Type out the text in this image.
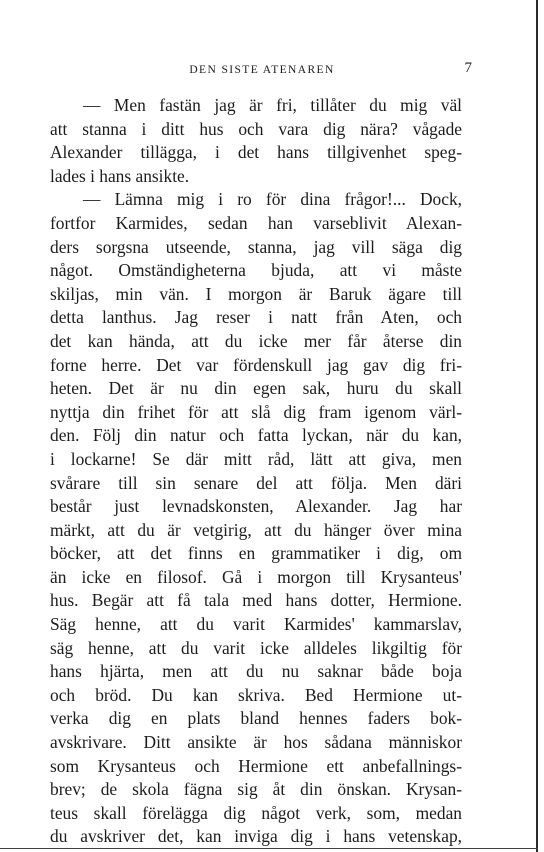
DEN SISTE ATENAREN	7
— Men fastän jag är fri, tillåter du mig väl
att stanna i ditt hus och vara dig nära? vågade
Alexander tillägga, i det hans tillgivenhet speg-
lades i hans ansikte.
— Lämna mig i ro för dina frågor!... Dock,
fortfor Karmides, sedan han varseblivit Alexan-
ders sorgsna utseende, stanna, jag vill säga dig
något. Omständigheterna bjuda, att vi måste
skiljas, min vän. I morgon är Baruk ägare till
detta lanthus. Jag reser i natt från Aten, och
det kan hända, att du icke mer får återse din
forne herre. Det var fördenskull jag gav dig fri-
heten. Det är nu din egen sak, huru du skall
nyttja din frihet för att slå dig fram igenom värl-
den. Följ din natur och fatta lyckan, när du kan,
i lockarne! Se där mitt råd, lätt att giva, men
svårare till sin senare del att följa. Men däri
består just levnadskonsten, Alexander. Jag har
märkt, att du är vetgirig, att du hänger över mina
böcker, att det finns en grammatiker i dig, om
än icke en filosof. Gå i morgon till Krysanteus'
hus. Begär att få tala med hans dotter, Hermione.
Säg henne, att du varit Karmides' kammarslav,
säg henne, att du varit icke alldeles likgiltig för
hans hjärta, men att du nu saknar både boja
och bröd. Du kan skriva. Bed Hermione ut-
verka dig en plats bland hennes faders bok-
avskrivare. Ditt ansikte är hos sådana människor
som Krysanteus och Hermione ett anbefallnings-
brev; de skola fägna sig åt din önskan. Krysan-
teus skall förelägga dig något verk, som, medan
du avskriver det, kan inviga dig i hans vetenskap,
